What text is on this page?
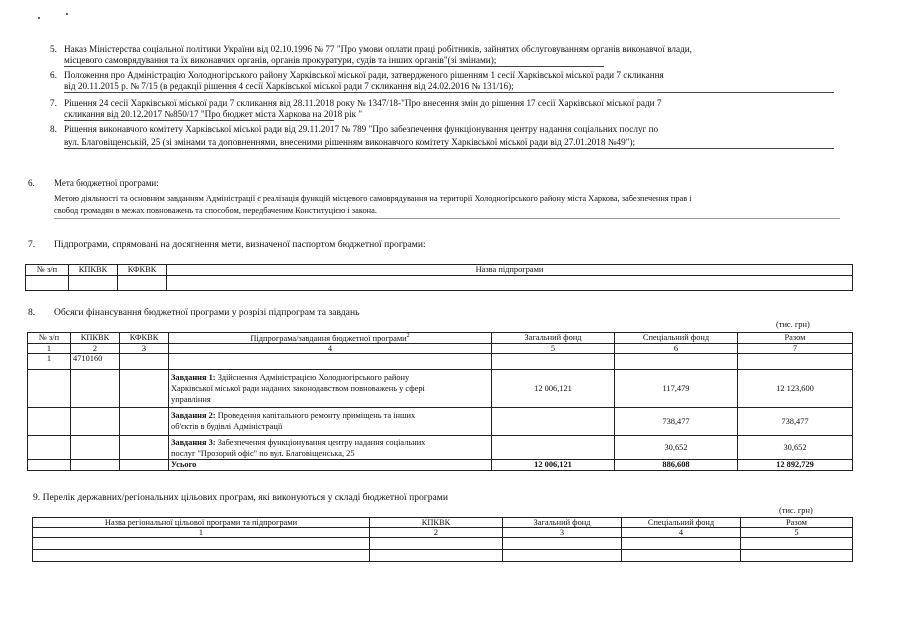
5. Наказ Міністерства соціальної політики України від 02.10.1996 № 77 "Про умови оплати праці робітників, зайнятих обслуговуванням органів виконавчої влади,
місцевого самоврядування та їх виконавчих органів, органів прокуратури, судів та інших органів"(зі змінами);
6. Положення про Адміністрацію Холодногірського району Харківської міської ради, затвердженого рішенням 1 сесії Харківської міської ради 7 скликання
від 20.11.2015 р. № 7/15 (в редакції рішення 4 сесії Харківської міської ради 7 скликання від 24.02.2016 № 131/16);
7. Рішення 24 сесії Харківської міської ради 7 скликання від 28.11.2018 року № 1347/18-"Про внесення змін до рішення 17 сесії Харківської міської ради 7
скликання від 20.12.2017 №850/17 "Про бюджет міста Харкова на 2018 рік "
8. Рішення виконавчого комітету Харківської міської ради від 29.11.2017 № 789 "Про забезпечення функціонування центру надання соціальних послуг по
вул. Благовіщенській, 25 (зі змінами та доповненнями, внесеними рішенням виконавчого комітету Харківської міської ради від 27.01.2018 №49");
6. Мета бюджетної програми:
Метою діяльності та основним завданням Адміністрації є реалізація функцій місцевого самоврядування на території Холодногірського району міста Харкова, забезпечення прав і
свобод громадян в межах повноважень та способом, передбаченим Конституцією і закона.
7. Підпрограми, спрямовані на досягнення мети, визначеної паспортом бюджетної програми:
№ з/п	КПКВК	КФКВК	Назва підпрограми

8. Обсяги фінансування бюджетної програми у розрізі підпрограм та завдань
(тис. грн)
№ з/п	КПКВК	КФКВК	Підпрограма/завдання бюджетної програми$^2$	Загальний фонд	Спеціальний фонд	Разом
1	2	3	4	5	6	7
1	4710160					
			Завдання 1: Здійснення Адміністрацією Холодногірського району
Харківської міської ради наданих законодавством повноважень у сфері
управління	12 006,121	117,479	12 123,600
			Завдання 2: Проведення капітального ремонту приміщень та інших
об'єктів в будівлі Адміністрації		738,477	738,477
			Завдання 3: Забезпечення функціонування центру надання соціальних
послуг "Прозорий офіс" по вул. Благовіщенська, 25		30,652	30,652
			Усього	12 006,121	886,608	12 892,729
9. Перелік державних/регіональних цільових програм, які виконуються у складі бюджетної програми
(тис. грн)
Назва регіональної цільової програми та підпрограми	КПКВК	Загальний фонд	Спеціальний фонд	Разом
1	2	3	4	5
